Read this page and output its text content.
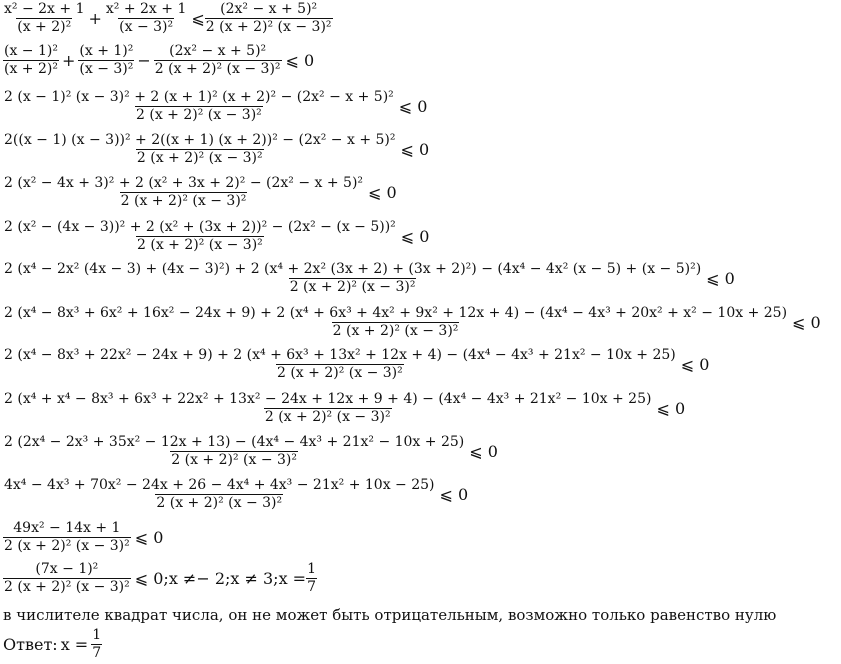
$\frac{\text{x² − 2x + 1}}{\text{(x + 2)²}} + \frac{\text{x² + 2x + 1}}{\text{(x − 3)²}}$ ⩽ $\frac{\text{(2x² − x + 5)²}}{\text{2 (x + 2)² (x − 3)²}}$
$\frac{\text{(x − 1)²}}{\text{(x + 2)²}} + \frac{\text{(x + 1)²}}{\text{(x − 3)²}} - \frac{\text{(2x² − x + 5)²}}{\text{2 (x + 2)² (x − 3)²}}$ ⩽ 0
$\frac{\text{2 (x − 1)² (x − 3)² + 2 (x + 1)² (x + 2)² − (2x² − x + 5)²}}{\text{2 (x + 2)² (x − 3)²}}$ ⩽ 0
$\frac{\text{2((x − 1) (x − 3))² + 2((x + 1) (x + 2))² − (2x² − x + 5)²}}{\text{2 (x + 2)² (x − 3)²}}$ ⩽ 0
$\frac{\text{2 (x² − 4x + 3)² + 2 (x² + 3x + 2)² − (2x² − x + 5)²}}{\text{2 (x + 2)² (x − 3)²}}$ ⩽ 0
$\frac{\text{2 (x² − (4x − 3))² + 2 (x² + (3x + 2))² − (2x² − (x − 5))²}}{\text{2 (x + 2)² (x − 3)²}}$ ⩽ 0
2 (x⁴ − 2x² (4x − 3) + (4x − 3)²) + 2 (x⁴ + 2x² (3x + 2) + (3x + 2)²) − (4x⁴ − 4x² (x − 5) + (x − 5)²)
2 (x + 2)² (x − 3)²	⩽ 0
2 (x⁴ − 8x³ + 6x² + 16x² − 24x + 9) + 2 (x⁴ + 6x³ + 4x² + 9x² + 12x + 4) − (4x⁴ − 4x³ + 20x² + x² − 10x + 25)
2 (x + 2)² (x − 3)²	⩽ 0
2 (x⁴ − 8x³ + 22x² − 24x + 9) + 2 (x⁴ + 6x³ + 13x² + 12x + 4) − (4x⁴ − 4x³ + 21x² − 10x + 25)
2 (x + 2)² (x − 3)²	⩽ 0
2 (x⁴ + x⁴ − 8x³ + 6x³ + 22x² + 13x² − 24x + 12x + 9 + 4) − (4x⁴ − 4x³ + 21x² − 10x + 25)
2 (x + 2)² (x − 3)²	⩽ 0
2 (2x⁴ − 2x³ + 35x² − 12x + 13) − (4x⁴ − 4x³ + 21x² − 10x + 25)
2 (x + 2)² (x − 3)²	⩽ 0
$\frac{\text{4x⁴ − 4x³ + 70x² − 24x + 26 − 4x⁴ + 4x³ − 21x² + 10x − 25)}}{\text{2 (x + 2)² (x − 3)²}}$ ⩽ 0
$\frac{\text{49x² − 14x + 1}}{\text{2 (x + 2)² (x − 3)²}}$ ⩽ 0
$\frac{\text{(7x − 1)²}}{\text{2 (x + 2)² (x − 3)²}}$ ⩽ 0;x ≠− 2;x ≠ 3;x = $\frac{1}{7}$
в числителе квадрат числа, он не может быть отрицательным, возможно только равенство нулю
Ответ: $x = \frac{1}{7}$
